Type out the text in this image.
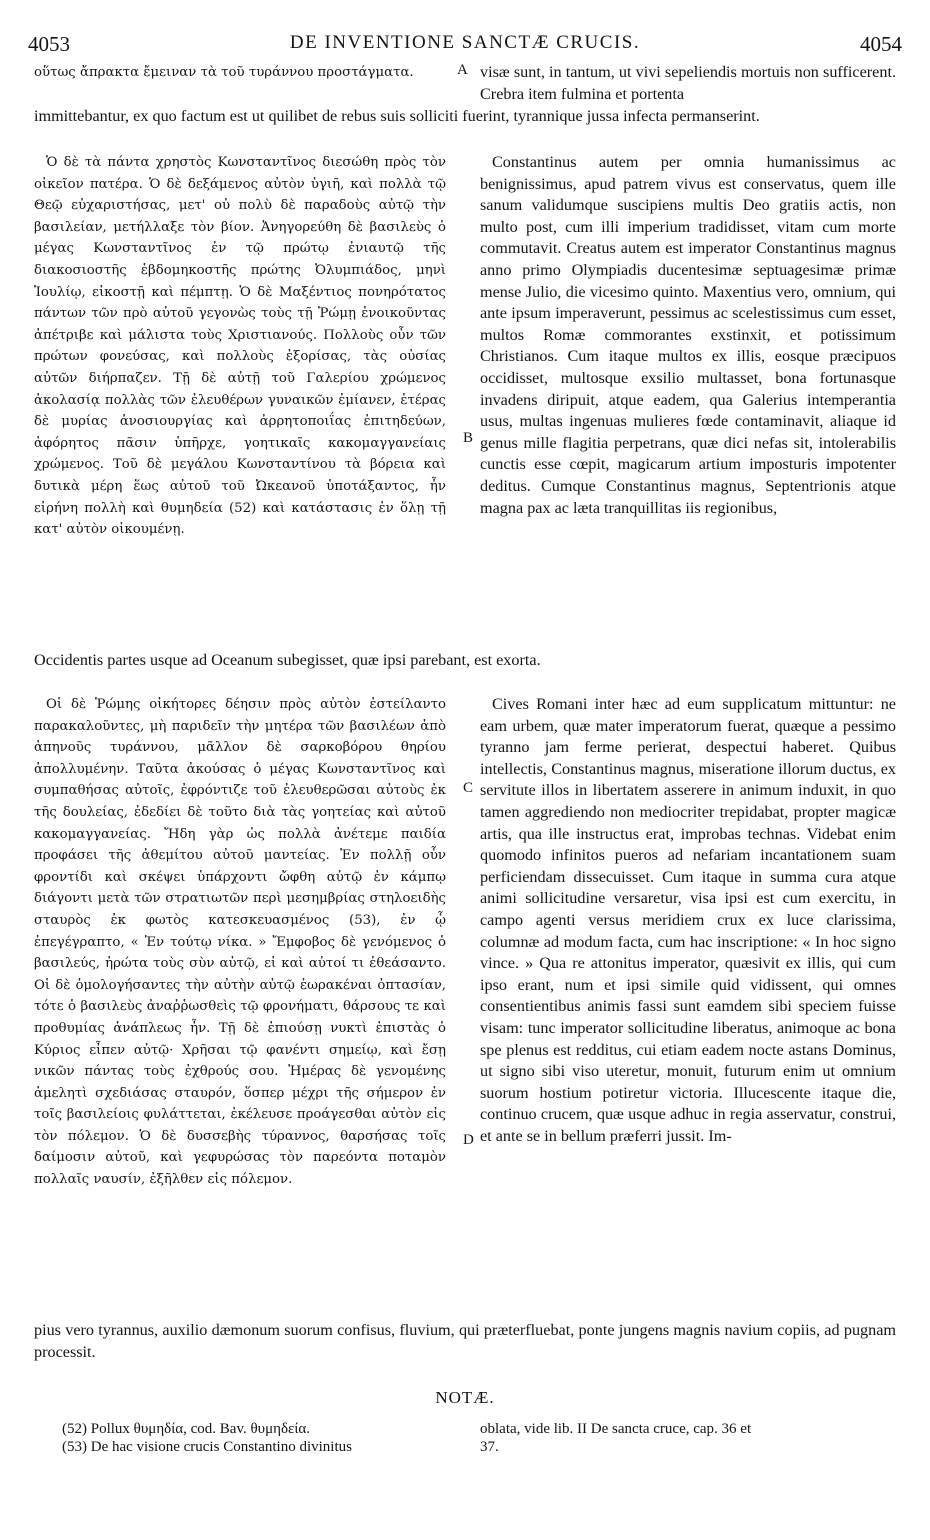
4053	DE INVENTIONE SANCTÆ CRUCIS.	4054
οὕτως ἄπρακτα ἔμειναν τὰ τοῦ τυράννου προστάγματα.	visæ sunt, in tantum, ut vivi sepeliendis mortuis non sufficerent. Crebra item fulmina et portenta
immittebantur, ex quo factum est ut quilibet de rebus suis solliciti fuerint, tyrannique jussa infecta permanserint.

Ὁ δὲ τὰ πάντα χρηστὸς Κωνσταντῖνος διεσώθη πρὸς τὸν οἰκεῖον πατέρα. Ὁ δὲ δεξάμενος αὐτὸν ὑγιῆ, καὶ πολλὰ τῷ Θεῷ εὐχαριστήσας, μετ' οὐ πολὺ δὲ παραδοὺς αὐτῷ τὴν βασιλείαν, μετήλλαξε τὸν βίον. Ἀνηγορεύθη δὲ βασιλεὺς ὁ μέγας Κωνσταντῖνος ἐν τῷ πρώτῳ ἐνιαυτῷ τῆς διακοσιοστῆς ἑβδομηκοστῆς πρώτης Ὀλυμπιάδος, μηνὶ Ἰουλίῳ, εἰκοστῇ καὶ πέμπτῃ. Ὁ δὲ Μαξέντιος πονηρότατος πάντων τῶν πρὸ αὐτοῦ γεγονὼς τοὺς τῇ Ῥώμῃ ἐνοικοῦντας ἀπέτριβε καὶ μάλιστα τοὺς Χριστιανούς. Πολλοὺς οὖν τῶν πρώτων φονεύσας, καὶ πολλοὺς ἐξορίσας, τὰς οὐσίας αὐτῶν διήρπαζεν. Τῇ δὲ αὐτῇ τοῦ Γαλερίου χρώμενος ἀκολασίᾳ πολλὰς τῶν ἐλευθέρων γυναικῶν ἐμίανεν, ἑτέρας δὲ μυρίας ἀνοσιουργίας καὶ ἀρρητοποιΐας ἐπιτηδεύων, ἀφόρητος πᾶσιν ὑπῆρχε, γοητικαῖς κακομαγγανείαις χρώμενος. Τοῦ δὲ μεγάλου Κωνσταντίνου τὰ βόρεια καὶ δυτικὰ μέρη ἕως αὐτοῦ τοῦ Ὠκεανοῦ ὑποτάξαντος, ἦν εἰρήνη πολλὴ καὶ θυμηδεία (52) καὶ κατάστασις ἐν ὅλῃ τῇ κατ' αὐτὸν οἰκουμένῃ.

Constantinus autem per omnia humanissimus ac benignissimus, apud patrem vivus est conservatus, quem ille sanum validumque suscipiens multis Deo gratiis actis, non multo post, cum illi imperium tradidisset, vitam cum morte commutavit. Creatus autem est imperator Constantinus magnus anno primo Olympiadis ducentesimæ septuagesimæ primæ mense Julio, die vicesimo quinto. Maxentius vero, omnium, qui ante ipsum imperaverunt, pessimus ac scelestissimus cum esset, multos Romæ commorantes exstinxit, et potissimum Christianos. Cum itaque multos ex illis, eosque præcipuos occidisset, multosque exsilio multasset, bona fortunasque invadens diripuit, atque eadem, qua Galerius intemperantia usus, multas ingenuas mulieres fœde contaminavit, aliaque id genus mille flagitia perpetrans, quæ dici nefas sit, intolerabilis cunctis esse cœpit, magicarum artium imposturis impotenter deditus. Cumque Constantinus magnus, Septentrionis atque magna pax ac læta tranquillitas iis regionibus,

Occidentis partes usque ad Oceanum subegisset, quæ ipsi parebant, est exorta.

Οἱ δὲ Ῥώμης οἰκήτορες δέησιν πρὸς αὐτὸν ἐστείλαντο παρακαλοῦντες, μὴ παριδεῖν τὴν μητέρα τῶν βασιλέων ἀπὸ ἀπηνοῦς τυράννου, μᾶλλον δὲ σαρκοβόρου θηρίου ἀπολλυμένην. Ταῦτα ἀκούσας ὁ μέγας Κωνσταντῖνος καὶ συμπαθήσας αὐτοῖς, ἐφρόντιζε τοῦ ἐλευθερῶσαι αὐτοὺς ἐκ τῆς δουλείας, ἐδεδίει δὲ τοῦτο διὰ τὰς γοητείας καὶ αὐτοῦ κακομαγγανείας. Ἤδη γὰρ ὡς πολλὰ ἀνέτεμε παιδία προφάσει τῆς ἀθεμίτου αὐτοῦ μαντείας. Ἐν πολλῇ οὖν φροντίδι καὶ σκέψει ὑπάρχοντι ὤφθη αὐτῷ ἐν κάμπῳ διάγοντι μετὰ τῶν στρατιωτῶν περὶ μεσημβρίας στηλοειδὴς σταυρὸς ἐκ φωτὸς κατεσκευασμένος (53), ἐν ᾧ ἐπεγέγραπτο, « Ἐν τούτῳ νίκα. » Ἔμφοβος δὲ γενόμενος ὁ βασιλεύς, ἠρώτα τοὺς σὺν αὐτῷ, εἰ καὶ αὐτοί τι ἐθεάσαντο. Οἱ δὲ ὁμολογήσαντες τὴν αὐτὴν αὐτῷ ἑωρακέναι ὀπτασίαν, τότε ὁ βασιλεὺς ἀναῤῥωσθεὶς τῷ φρονήματι, θάρσους τε καὶ προθυμίας ἀνάπλεως ἦν. Τῇ δὲ ἐπιούσῃ νυκτὶ ἐπιστὰς ὁ Κύριος εἶπεν αὐτῷ· Χρῆσαι τῷ φανέντι σημείῳ, καὶ ἔσῃ νικῶν πάντας τοὺς ἐχθρούς σου. Ἡμέρας δὲ γενομένης ἀμελητὶ σχεδιάσας σταυρόν, ὅσπερ μέχρι τῆς σήμερον ἐν τοῖς βασιλείοις φυλάττεται, ἐκέλευσε προάγεσθαι αὐτὸν εἰς τὸν πόλεμον. Ὁ δὲ δυσσεβὴς τύραννος, θαρσήσας τοῖς δαίμοσιν αὐτοῦ, καὶ γεφυρώσας τὸν παρεόντα ποταμὸν πολλαῖς ναυσίν, ἐξῆλθεν εἰς πόλεμον.

Cives Romani inter hæc ad eum supplicatum mittuntur: ne eam urbem, quæ mater imperatorum fuerat, quæque a pessimo tyranno jam ferme perierat, despectui haberet. Quibus intellectis, Constantinus magnus, miseratione illorum ductus, ex servitute illos in libertatem asserere in animum induxit, in quo tamen aggrediendo non mediocriter trepidabat, propter magicæ artis, qua ille instructus erat, improbas technas. Videbat enim quomodo infinitos pueros ad nefariam incantationem suam perficiendam dissecuisset. Cum itaque in summa cura atque animi sollicitudine versaretur, visa ipsi est cum exercitu, in campo agenti versus meridiem crux ex luce clarissima, columnæ ad modum facta, cum hac inscriptione: « In hoc signo vince. » Qua re attonitus imperator, quæsivit ex illis, qui cum ipso erant, num et ipsi simile quid vidissent, qui omnes consentientibus animis fassi sunt eamdem sibi speciem fuisse visam: tunc imperator sollicitudine liberatus, animoque ac bona spe plenus est redditus, cui etiam eadem nocte astans Dominus, ut signo sibi viso uteretur, monuit, futurum enim ut omnium suorum hostium potiretur victoria. Illucescente itaque die, continuo crucem, quæ usque adhuc in regia asservatur, construi, et ante se in bellum præferri jussit. Im-

pius vero tyrannus, auxilio dæmonum suorum confisus, fluvium, qui præterfluebat, ponte jungens magnis navium copiis, ad pugnam processit.
A
B
C
D
NOTÆ.
(52) Pollux θυμηδία, cod. Bav. θυμηδεία.
(53) De hac visione crucis Constantino divinitus
oblata, vide lib. II De sancta cruce, cap. 36 et
37.
